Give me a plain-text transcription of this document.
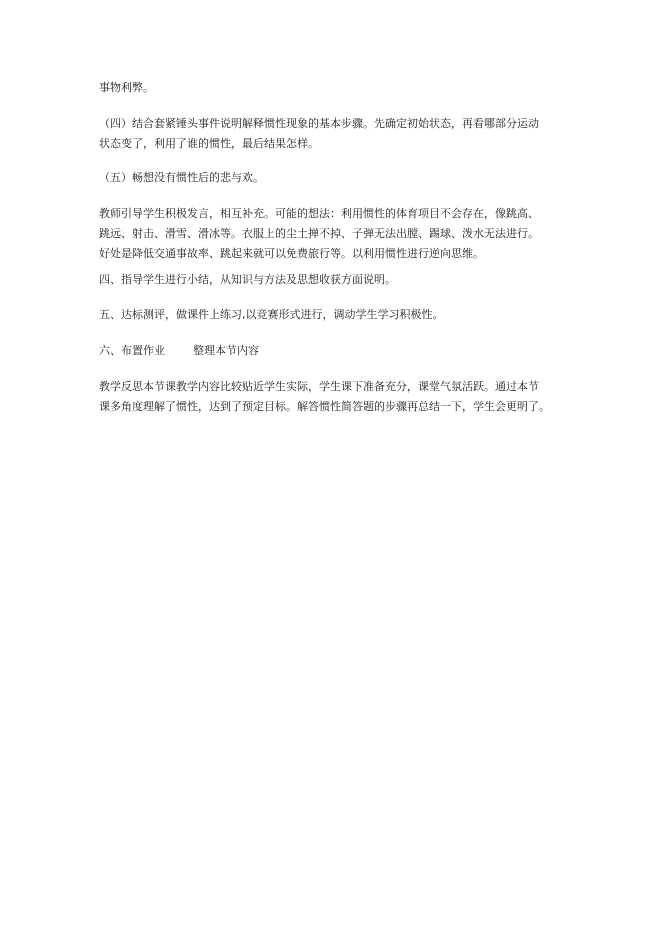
事物利弊。

（四）结合套紧锤头事件说明解释惯性现象的基本步骤。先确定初始状态，再看哪部分运动
状态变了，利用了谁的惯性，最后结果怎样。

（五）畅想没有惯性后的悲与欢。

教师引导学生积极发言，相互补充。可能的想法：利用惯性的体育项目不会存在，像跳高、
跳远、射击、滑雪、滑冰等。衣服上的尘土掸不掉、子弹无法出膛、踢球、泼水无法进行。
好处是降低交通事故率、跳起来就可以免费旅行等。以利用惯性进行逆向思维。

四、指导学生进行小结，从知识与方法及思想收获方面说明。

五、达标测评，做课件上练习,以竞赛形式进行，调动学生学习积极性。

六、布置作业	整理本节内容

教学反思本节课教学内容比较贴近学生实际，学生课下准备充分，课堂气氛活跃。通过本节
课多角度理解了惯性，达到了预定目标。解答惯性简答题的步骤再总结一下，学生会更明了。
